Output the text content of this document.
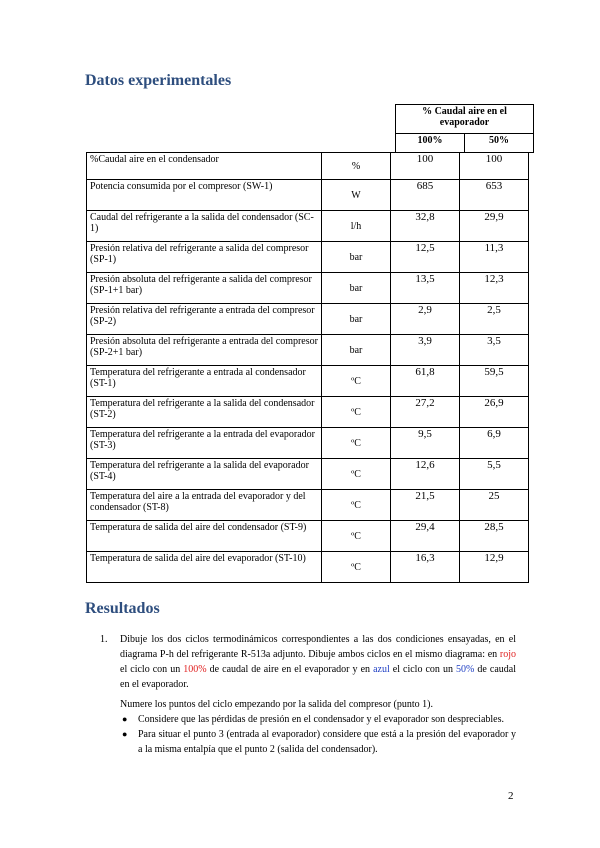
Datos experimentales
% Caudal aire en el evaporador
100%	50%
%Caudal aire en el condensador	%	100	100
Potencia consumida por el compresor (SW-1)	W	685	653
Caudal del refrigerante a la salida del condensador (SC-1)	l/h	32,8	29,9
Presión relativa del refrigerante a salida del compresor (SP-1)	bar	12,5	11,3
Presión absoluta del refrigerante a salida del compresor (SP-1+1 bar)	bar	13,5	12,3
Presión relativa del refrigerante a entrada del compresor (SP-2)	bar	2,9	2,5
Presión absoluta del refrigerante a entrada del compresor (SP-2+1 bar)	bar	3,9	3,5
Temperatura del refrigerante a entrada al condensador (ST-1)	ºC	61,8	59,5
Temperatura del refrigerante a la salida del condensador (ST-2)	ºC	27,2	26,9
Temperatura del refrigerante a la entrada del evaporador (ST-3)	ºC	9,5	6,9
Temperatura del refrigerante a la salida del evaporador (ST-4)	ºC	12,6	5,5
Temperatura del aire a la entrada del evaporador y del condensador (ST-8)	ºC	21,5	25
Temperatura de salida del aire del condensador (ST-9)	ºC	29,4	28,5
Temperatura de salida del aire del evaporador (ST-10)	ºC	16,3	12,9
Resultados
1. Dibuje los dos ciclos termodinámicos correspondientes a las dos condiciones ensayadas, en el diagrama P-h del refrigerante R-513a adjunto. Dibuje ambos ciclos en el mismo diagrama: en rojo el ciclo con un 100% de caudal de aire en el evaporador y en azul el ciclo con un 50% de caudal en el evaporador.

Numere los puntos del ciclo empezando por la salida del compresor (punto 1).

● Considere que las pérdidas de presión en el condensador y el evaporador son despreciables.
● Para situar el punto 3 (entrada al evaporador) considere que está a la presión del evaporador y a la misma entalpía que el punto 2 (salida del condensador).
2
